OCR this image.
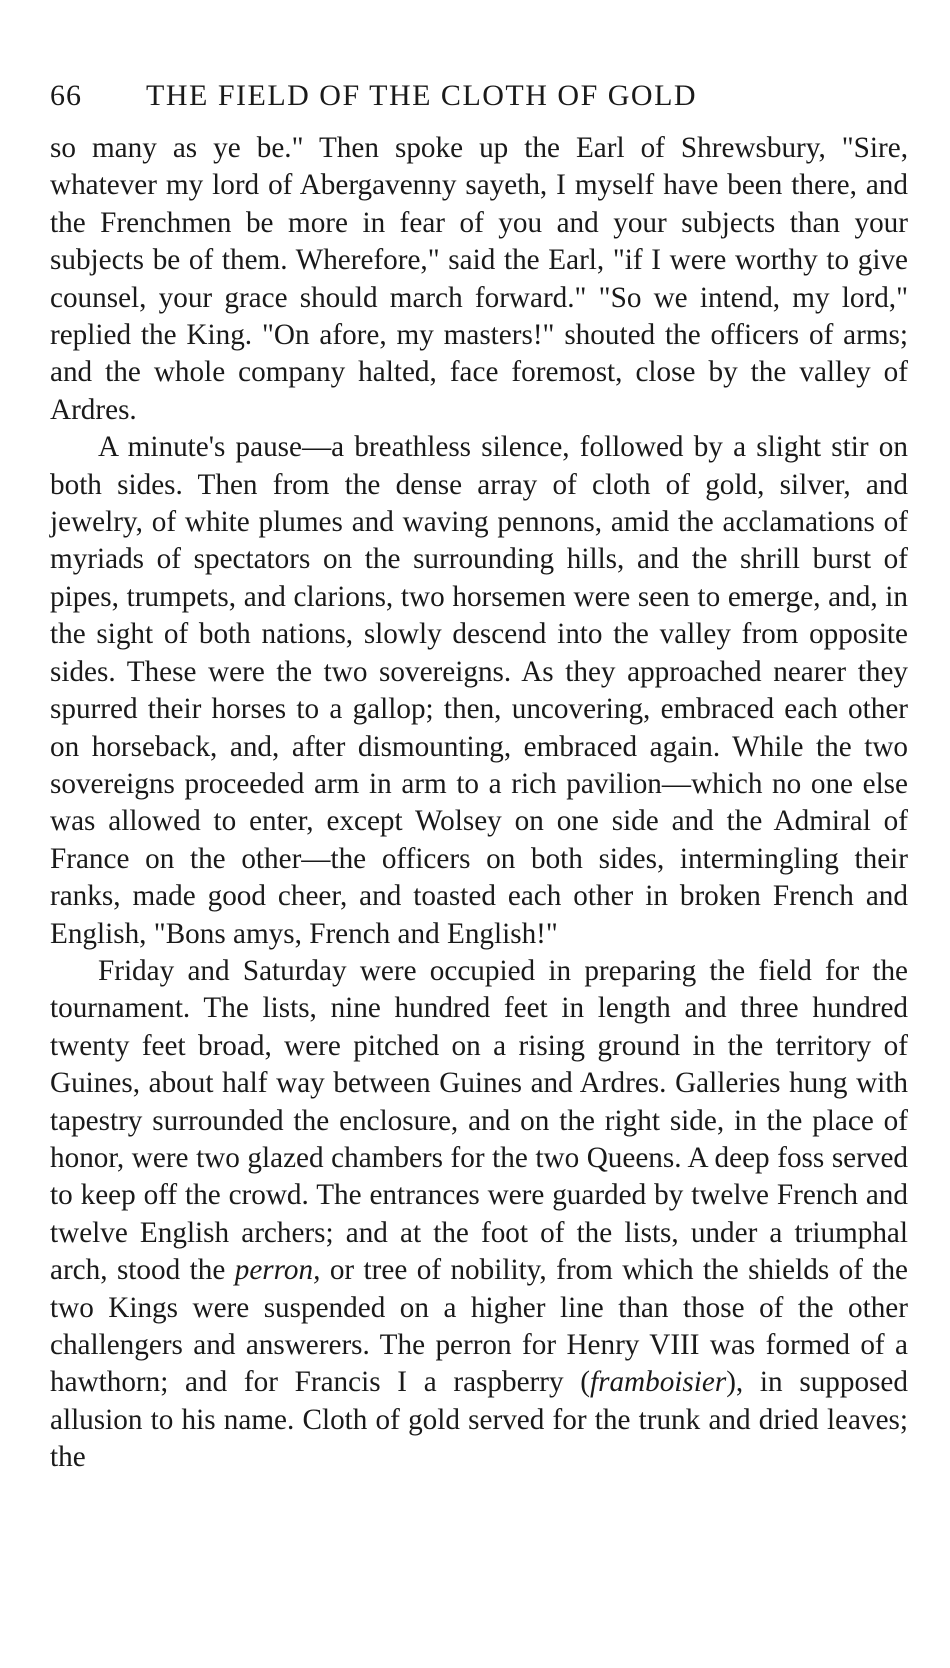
66	THE FIELD OF THE CLOTH OF GOLD

so many as ye be." Then spoke up the Earl of Shrewsbury, "Sire, whatever my lord of Abergavenny sayeth, I myself have been there, and the Frenchmen be more in fear of you and your subjects than your subjects be of them. Wherefore," said the Earl, "if I were worthy to give counsel, your grace should march forward." "So we intend, my lord," replied the King. "On afore, my masters!" shouted the officers of arms; and the whole company halted, face foremost, close by the valley of Ardres.

A minute's pause—a breathless silence, followed by a slight stir on both sides. Then from the dense array of cloth of gold, silver, and jewelry, of white plumes and waving pennons, amid the acclamations of myriads of spectators on the surrounding hills, and the shrill burst of pipes, trumpets, and clarions, two horsemen were seen to emerge, and, in the sight of both nations, slowly descend into the valley from opposite sides. These were the two sovereigns. As they approached nearer they spurred their horses to a gallop; then, uncovering, embraced each other on horseback, and, after dismounting, embraced again. While the two sovereigns proceeded arm in arm to a rich pavilion—which no one else was allowed to enter, except Wolsey on one side and the Admiral of France on the other—the officers on both sides, intermingling their ranks, made good cheer, and toasted each other in broken French and English, "Bons amys, French and English!"

Friday and Saturday were occupied in preparing the field for the tournament. The lists, nine hundred feet in length and three hundred twenty feet broad, were pitched on a rising ground in the territory of Guines, about half way between Guines and Ardres. Galleries hung with tapestry surrounded the enclosure, and on the right side, in the place of honor, were two glazed chambers for the two Queens. A deep foss served to keep off the crowd. The entrances were guarded by twelve French and twelve English archers; and at the foot of the lists, under a triumphal arch, stood the perron, or tree of nobility, from which the shields of the two Kings were suspended on a higher line than those of the other challengers and answerers. The perron for Henry VIII was formed of a hawthorn; and for Francis I a raspberry (framboisier), in supposed allusion to his name. Cloth of gold served for the trunk and dried leaves; the
